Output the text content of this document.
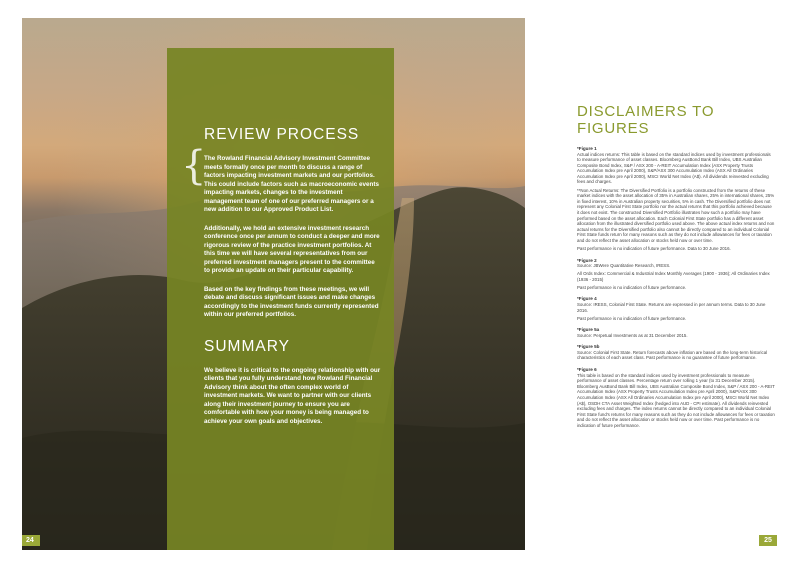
{
REVIEW PROCESS

The Rowland Financial Advisory Investment Committee meets formally once per month to discuss a range of factors impacting investment markets and our portfolios. This could include factors such as macroeconomic events impacting markets, changes to the investment management team of one of our preferred managers or a new addition to our Approved Product List.

Additionally, we hold an extensive investment research conference once per annum to conduct a deeper and more rigorous review of the practice investment portfolios. At this time we will have several representatives from our preferred investment managers present to the committee to provide an update on their particular capability.

Based on the key findings from these meetings, we will debate and discuss significant issues and make changes accordingly to the investment funds currently represented within our preferred portfolios.

SUMMARY

We believe it is critical to the ongoing relationship with our clients that you fully understand how Rowland Financial Advisory think about the often complex world of investment markets. We want to partner with our clients along their investment journey to ensure you are comfortable with how your money is being managed to achieve your own goals and objectives.

24
DISCLAIMERS TO
FIGURES
*Figure 1
Actual indices returns: This table is based on the standard indices used by investment professionals to measure performance of asset classes. Bloomberg AusBond Bank Bill Index, UBS Australian Composite Bond Index, S&P / ASX 200 - A-REIT Accumulation Index (ASX Property Trusts Accumulation Index pre April 2000), S&P/ASX 300 Accumulation Index (ASX All Ordinaries Accumulation Index pre April 2000), MSCI World Net Index (A$). All dividends reinvested excluding fees and charges.
**Non Actual Returns: The Diversified Portfolio is a portfolio constructed from the returns of these market indices with the asset allocation of 35% in Australian shares, 25% in international shares, 25% in fixed interest, 10% in Australian property securities, 5% in cash. The Diversified portfolio does not represent any Colonial First State portfolio nor the actual returns that this portfolio achieved because it does not exist. The constructed Diversified Portfolio illustrates how such a portfolio may have performed based on the asset allocation. Each Colonial First State portfolio has a different asset allocation from the illustrated diversified portfolio used above. The above actual index returns and non actual returns for the Diversified portfolio also cannot be directly compared to an individual Colonial First State funds return for many reasons such as they do not include allowances for fees or taxation and do not reflect the asset allocation or stocks held now or over time.
Past performance is no indication of future performance. Data to 30 June 2016.
*Figure 2
Source: JBWere Quantitative Research, IRESS.
All Ords Index: Commercial & Industrial Index Monthly Averages (1900 - 1936); All Ordinaries Index (1936 - 2015)
Past performance is no indication of future performance.
*Figure 4
Source: IRESS, Colonial First State. Returns are expressed in per annum terms. Data to 30 June 2016.
Past performance is no indication of future performance.
*Figure 5a
Source: Perpetual Investments as at 31 December 2015.
*Figure 5b
Source: Colonial First State. Return forecasts above inflation are based on the long-term historical characteristics of each asset class. Past performance is no guarantee of future performance.
*Figure 6
This table is based on the standard indices used by investment professionals to measure performance of asset classes. Percentage return over rolling 1 year (to 31 December 2015). Bloomberg AusBond Bank Bill Index, UBS Australian Composite Bond Index, S&P / ASX 200 - A-REIT Accumulation Index (ASX Property Trusts Accumulation Index pre April 2000), S&P/ASX 300 Accumulation Index (ASX All Ordinaries Accumulation Index pre April 2000), MSCI World Net Index (A$), OSDH CTA Asset Weighted Index (hedged into AUD - CPI estimate). All dividends reinvested excluding fees and charges. The index returns cannot be directly compared to an individual Colonial First State fund's returns for many reasons such as they do not include allowances for fees or taxation and do not reflect the asset allocation or stocks held now or over time. Past performance is no indication of future performance.
25
